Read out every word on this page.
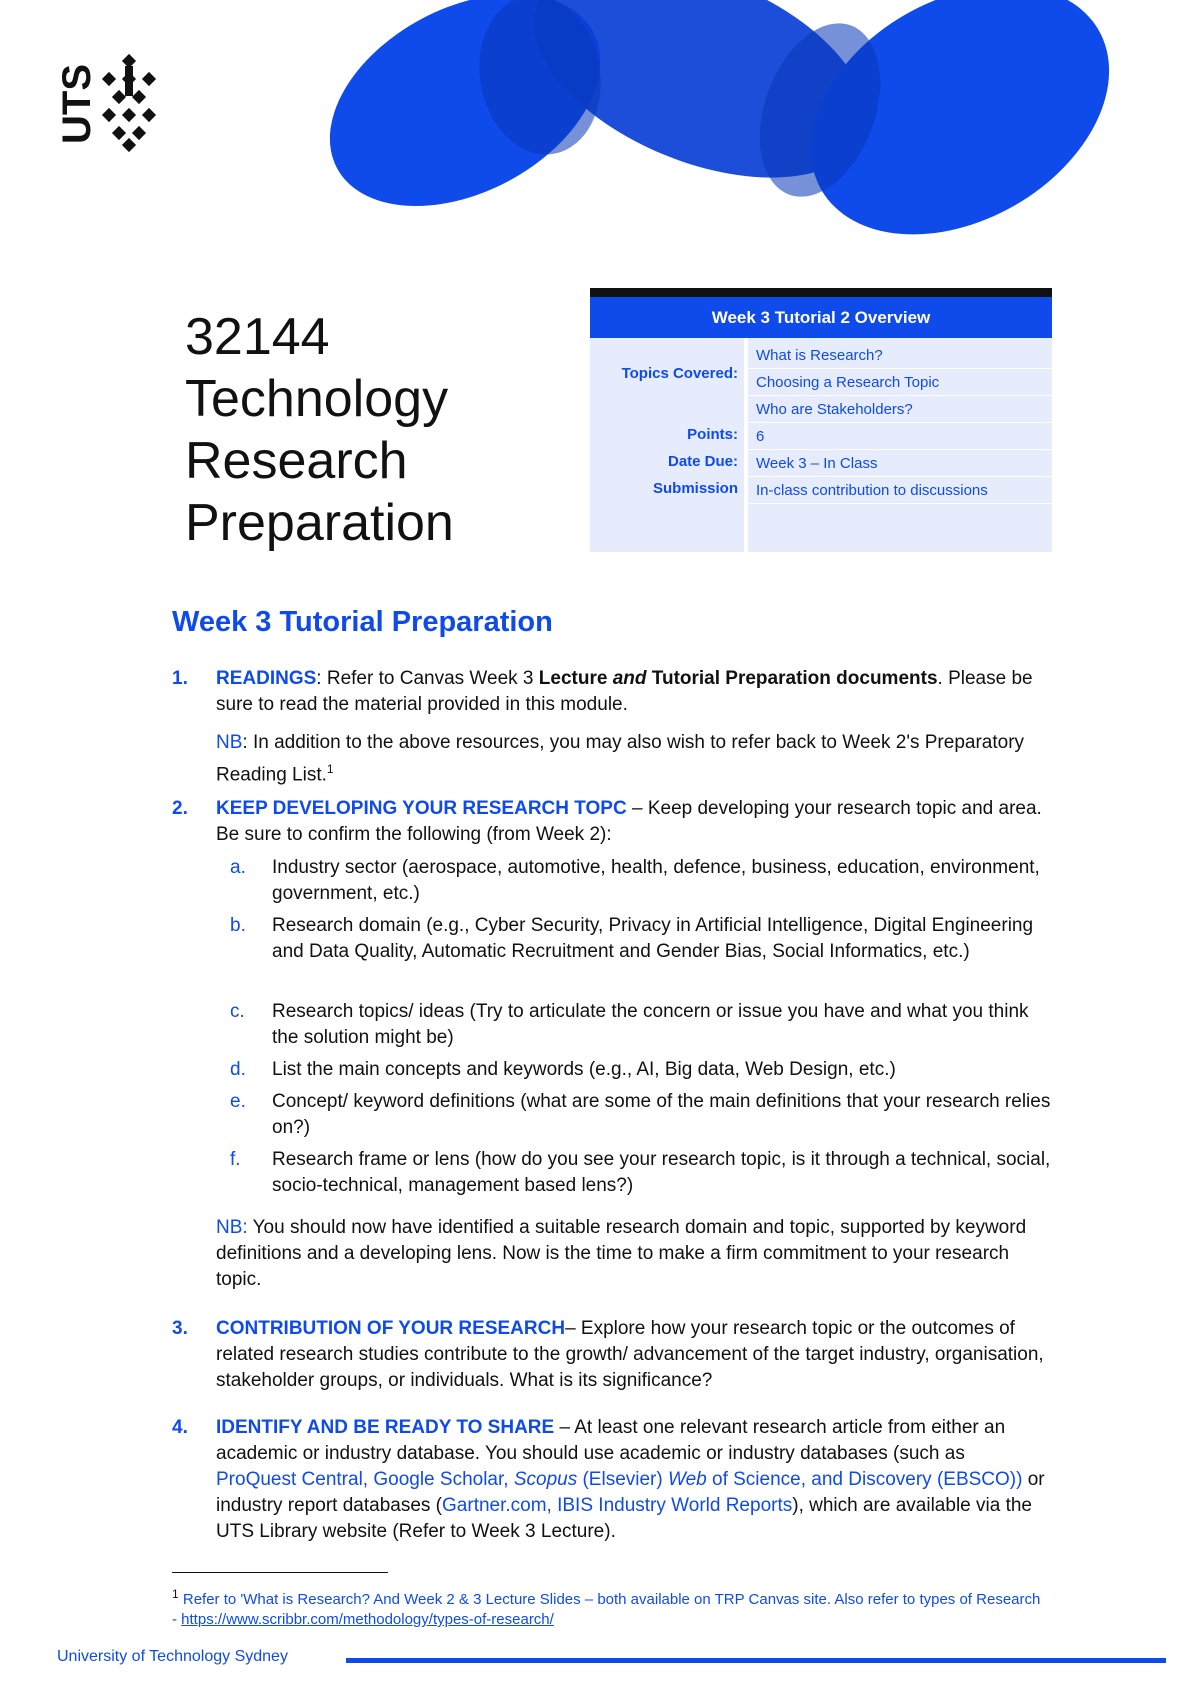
UTS
32144
Technology
Research
Preparation
Week 3 Tutorial 2 Overview
Topics Covered:
Points:
Date Due:
Submission
What is Research?
Choosing a Research Topic
Who are Stakeholders?
6
Week 3 – In Class
In-class contribution to discussions
Week 3 Tutorial Preparation
1. READINGS: Refer to Canvas Week 3 Lecture and Tutorial Preparation documents. Please be sure to read the material provided in this module.
NB: In addition to the above resources, you may also wish to refer back to Week 2's Preparatory Reading List.$^1$
2. KEEP DEVELOPING YOUR RESEARCH TOPC – Keep developing your research topic and area. Be sure to confirm the following (from Week 2):
a. Industry sector (aerospace, automotive, health, defence, business, education, environment, government, etc.)
b. Research domain (e.g., Cyber Security, Privacy in Artificial Intelligence, Digital Engineering and Data Quality, Automatic Recruitment and Gender Bias, Social Informatics, etc.)
c. Research topics/ ideas (Try to articulate the concern or issue you have and what you think the solution might be)
d. List the main concepts and keywords (e.g., AI, Big data, Web Design, etc.)
e. Concept/ keyword definitions (what are some of the main definitions that your research relies on?)
f. Research frame or lens (how do you see your research topic, is it through a technical, social, socio-technical, management based lens?)
NB: You should now have identified a suitable research domain and topic, supported by keyword definitions and a developing lens. Now is the time to make a firm commitment to your research topic.
3. CONTRIBUTION OF YOUR RESEARCH– Explore how your research topic or the outcomes of related research studies contribute to the growth/ advancement of the target industry, organisation, stakeholder groups, or individuals. What is its significance?
4. IDENTIFY AND BE READY TO SHARE – At least one relevant research article from either an academic or industry database. You should use academic or industry databases (such as ProQuest Central, Google Scholar, Scopus (Elsevier) Web of Science, and Discovery (EBSCO)) or industry report databases (Gartner.com, IBIS Industry World Reports), which are available via the UTS Library website (Refer to Week 3 Lecture).
$^1$ Refer to 'What is Research? And Week 2 & 3 Lecture Slides – both available on TRP Canvas site. Also refer to types of Research - https://www.scribbr.com/methodology/types-of-research/
University of Technology Sydney
